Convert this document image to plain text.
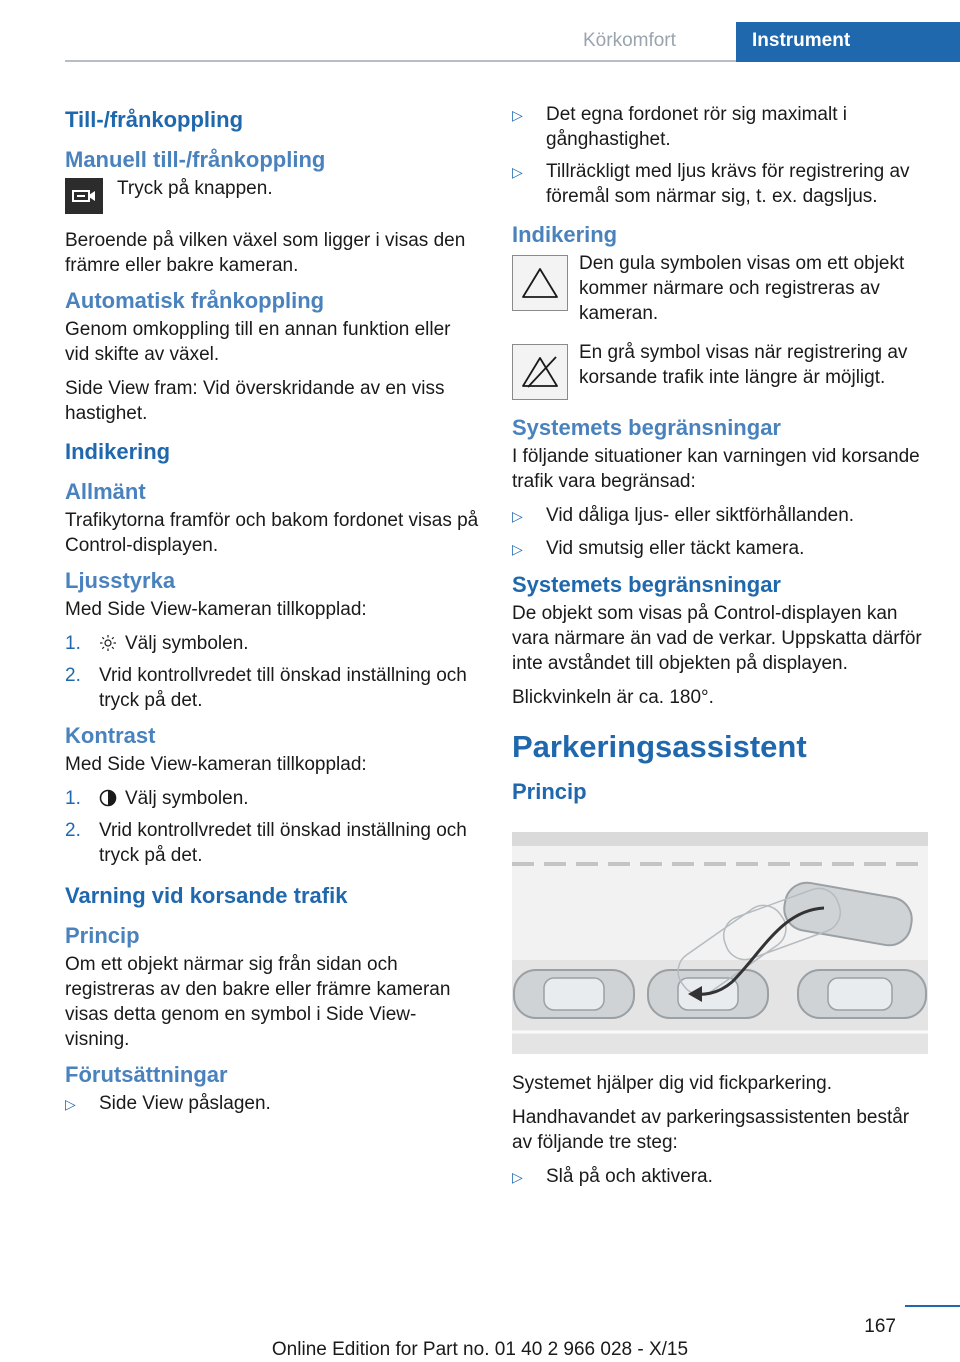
Körkomfort	Instrument
Till-/frånkoppling
Manuell till-/frånkoppling
Tryck på knappen.
Beroende på vilken växel som ligger i visas den främre eller bakre kameran.
Automatisk frånkoppling
Genom omkoppling till en annan funktion eller vid skifte av växel.
Side View fram: Vid överskridande av en viss hastighet.
Indikering
Allmänt
Trafikytorna framför och bakom fordonet visas på Control-displayen.
Ljusstyrka
Med Side View-kameran tillkopplad:
1.	Välj symbolen.
2. Vrid kontrollvredet till önskad inställning och tryck på det.
Kontrast
Med Side View-kameran tillkopplad:
1.	Välj symbolen.
2. Vrid kontrollvredet till önskad inställning och tryck på det.
Varning vid korsande trafik
Princip
Om ett objekt närmar sig från sidan och registreras av den bakre eller främre kameran visas detta genom en symbol i Side View-visning.
Förutsättningar
▷	Side View påslagen.
▷	Det egna fordonet rör sig maximalt i gånghastighet.
▷	Tillräckligt med ljus krävs för registrering av föremål som närmar sig, t. ex. dagsljus.
Indikering
Den gula symbolen visas om ett objekt kommer närmare och registreras av kameran.
En grå symbol visas när registrering av korsande trafik inte längre är möjligt.
Systemets begränsningar
I följande situationer kan varningen vid korsande trafik vara begränsad:
▷	Vid dåliga ljus- eller siktförhållanden.
▷	Vid smutsig eller täckt kamera.
Systemets begränsningar
De objekt som visas på Control-displayen kan vara närmare än vad de verkar. Uppskatta därför inte avståndet till objekten på displayen.
Blickvinkeln är ca. 180°.
Parkeringsassistent
Princip
Systemet hjälper dig vid fickparkering.
Handhavandet av parkeringsassistenten består av följande tre steg:
▷	Slå på och aktivera.
167
Online Edition for Part no. 01 40 2 966 028 - X/15
